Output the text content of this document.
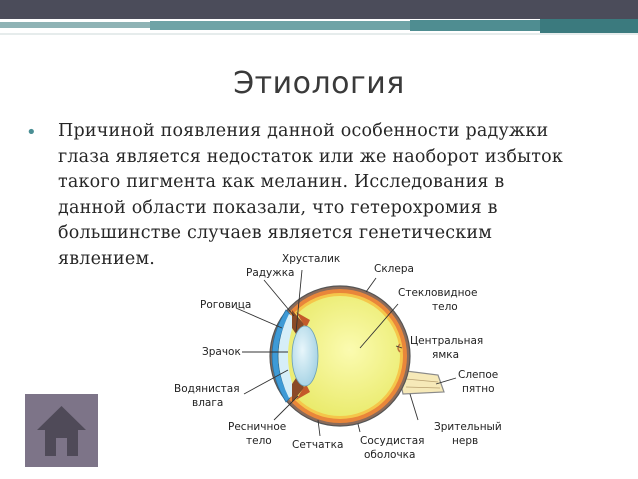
Этиология
• Причиной появления данной особенности радужки
глаза является недостаток или же наоборот избыток
такого пигмента как меланин. Исследования в
данной области показали, что гетерохромия в
большинстве случаев является генетическим
явлением.	Хрусталик
Склера
Радужка
Стекловидное
тело
Роговица
Центральная
ямка
Зрачок
Слепое
пятно
Водянистая
влага
Ресничное
тело Сетчатка Сосудистая
оболочка
Зрительный
нерв
